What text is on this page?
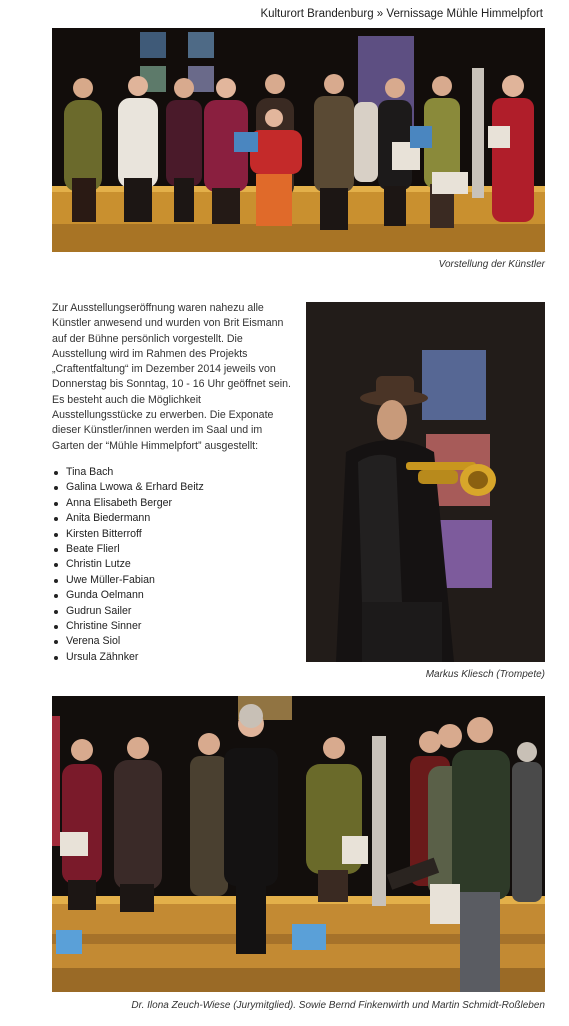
Kulturort Brandenburg » Vernissage Mühle Himmelpfort
Vorstellung der Künstler

Zur Ausstellungseröffnung waren nahezu alle Künstler anwesend und wurden von Brit Eismann auf der Bühne persönlich vorgestellt. Die Ausstellung wird im Rahmen des Projekts „Craftentfaltung“ im Dezember 2014 jeweils von Donnerstag bis Sonntag, 10 - 16 Uhr geöffnet sein. Es besteht auch die Möglichkeit Ausstellungsstücke zu erwerben. Die Exponate dieser Künstler/innen werden im Saal und im Garten der “Mühle Himmelpfort” ausgestellt:

Tina Bach
Galina Lwowa & Erhard Beitz
Anna Elisabeth Berger
Anita Biedermann
Kirsten Bitterroff
Beate Flierl
Christin Lutze
Uwe Müller-Fabian
Gunda Oelmann
Gudrun Sailer
Christine Sinner
Verena Siol
Ursula Zähnker
Markus Kliesch (Trompete)
Dr. Ilona Zeuch-Wiese (Jurymitglied). Sowie Bernd Finkenwirth und Martin Schmidt-Roßleben
